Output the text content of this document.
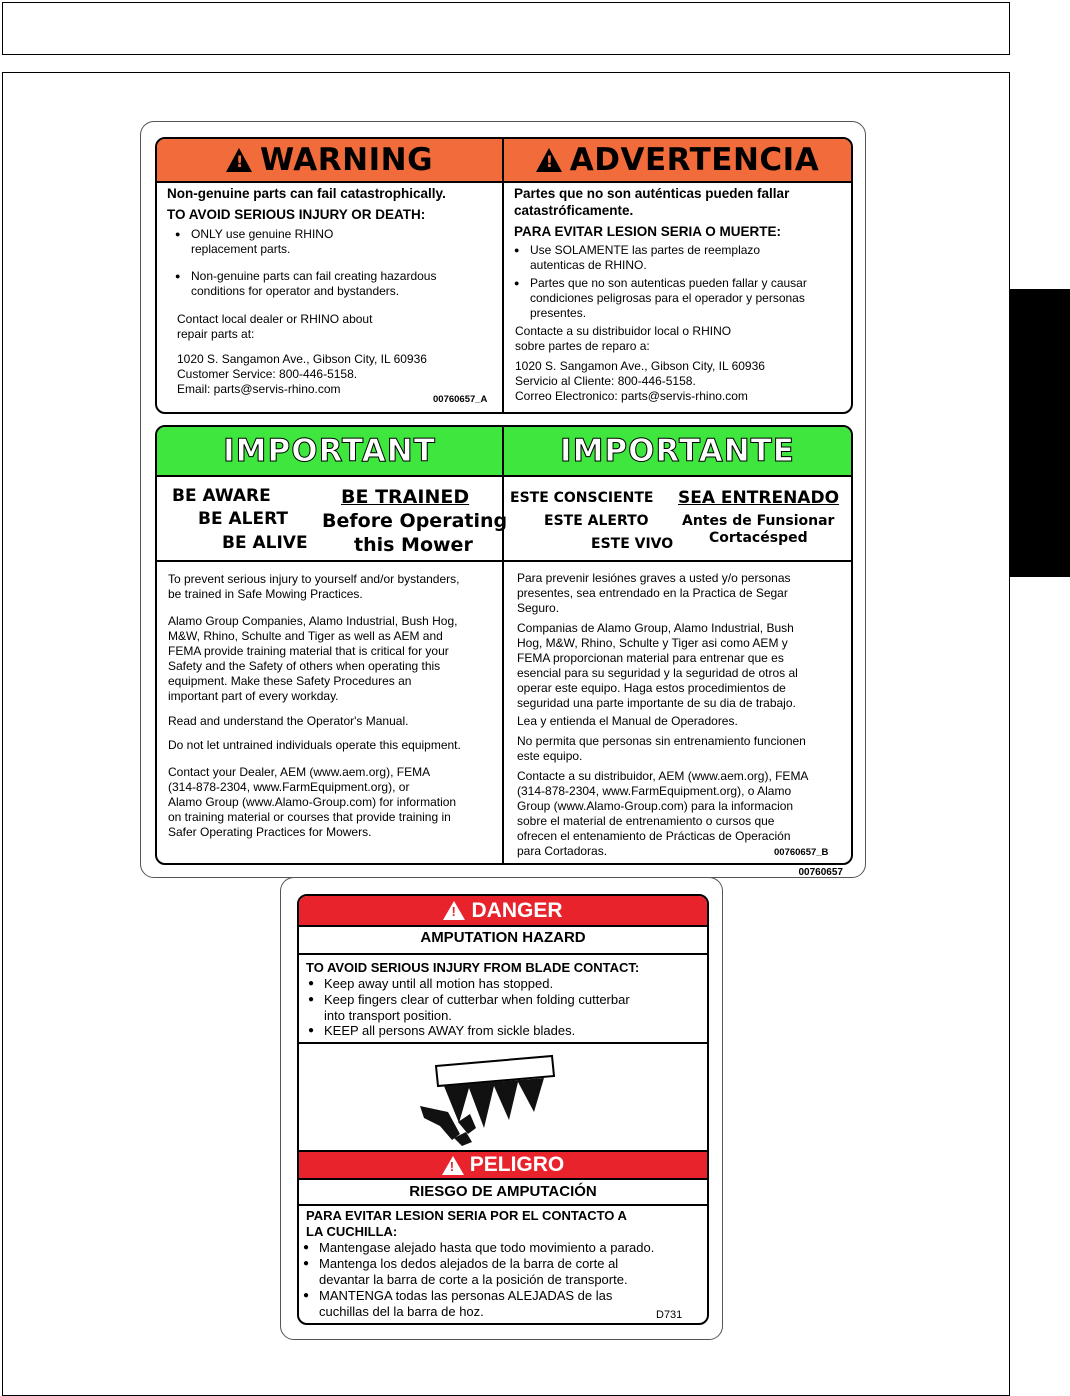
00760657
!
WARNING
!	ADVERTENCIA
Non-genuine parts can fail catastrophically.
TO AVOID SERIOUS INJURY OR DEATH:
● ONLY use genuine RHINO
replacement parts.
● Non-genuine parts can fail creating hazardous
conditions for operator and bystanders.
Contact local dealer or RHINO about
repair parts at:
1020 S. Sangamon Ave., Gibson City, IL 60936
Customer Service: 800-446-5158.
Email: parts@servis-rhino.com
00760657_A
Partes que no son auténticas pueden fallar
catastróficamente.
PARA EVITAR LESION SERIA O MUERTE:
● Use SOLAMENTE las partes de reemplazo
autenticas de RHINO.
● Partes que no son autenticas pueden fallar y causar
condiciones peligrosas para el operador y personas
presentes.
Contacte a su distribuidor local o RHINO
sobre partes de reparo a:
1020 S. Sangamon Ave., Gibson City, IL 60936
Servicio al Cliente: 800-446-5158.
Correo Electronico: parts@servis-rhino.com
IMPORTANT	IMPORTANTE
BE AWARE
BE ALERT
BE ALIVE
BE TRAINED
Before Operating
this Mower
ESTE CONSCIENTE
ESTE ALERTO
ESTE VIVO
SEA ENTRENADO
Antes de Funsionar
Cortacésped
To prevent serious injury to yourself and/or bystanders,
be trained in Safe Mowing Practices.
Alamo Group Companies, Alamo Industrial, Bush Hog,
M&W, Rhino, Schulte and Tiger as well as AEM and
FEMA provide training material that is critical for your
Safety and the Safety of others when operating this
equipment. Make these Safety Procedures an
important part of every workday.
Read and understand the Operator's Manual.
Do not let untrained individuals operate this equipment.
Contact your Dealer, AEM (www.aem.org), FEMA
(314-878-2304, www.FarmEquipment.org), or
Alamo Group (www.Alamo-Group.com) for information
on training material or courses that provide training in
Safer Operating Practices for Mowers.
Para prevenir lesiónes graves a usted y/o personas
presentes, sea entrendado en la Practica de Segar
Seguro.
Companias de Alamo Group, Alamo Industrial, Bush
Hog, M&W, Rhino, Schulte y Tiger asi como AEM y
FEMA proporcionan material para entrenar que es
esencial para su seguridad y la seguridad de otros al
operar este equipo. Haga estos procedimientos de
seguridad una parte importante de su dia de trabajo.
Lea y entienda el Manual de Operadores.
No permita que personas sin entrenamiento funcionen
este equipo.
Contacte a su distribuidor, AEM (www.aem.org), FEMA
(314-878-2304, www.FarmEquipment.org), o Alamo
Group (www.Alamo-Group.com) para la informacion
sobre el material de entrenamiento o cursos que
ofrecen el entenamiento de Prácticas de Operación
para Cortadoras.	00760657_B
!
DANGER
AMPUTATION HAZARD
TO AVOID SERIOUS INJURY FROM BLADE CONTACT:
● Keep away until all motion has stopped.
● Keep fingers clear of cutterbar when folding cutterbar
into transport position.
● KEEP all persons AWAY from sickle blades.
!
PELIGRO
RIESGO DE AMPUTACIÓN
PARA EVITAR LESION SERIA POR EL CONTACTO A
LA CUCHILLA:
● Mantengase alejado hasta que todo movimiento a parado.
● Mantenga los dedos alejados de la barra de corte al
devantar la barra de corte a la posición de transporte.
● MANTENGA todas las personas ALEJADAS de las
cuchillas del la barra de hoz.	D731
